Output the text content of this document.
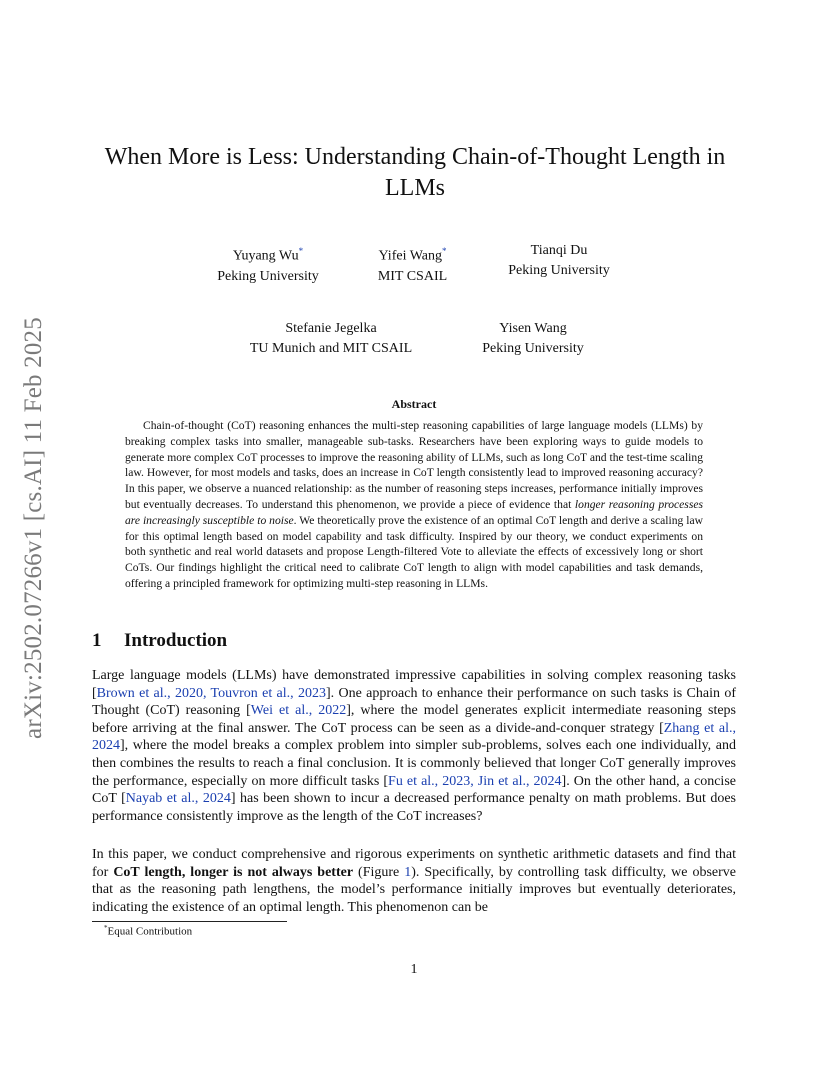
arXiv:2502.07266v1 [cs.AI] 11 Feb 2025
When More is Less: Understanding Chain-of-Thought Length in LLMs
Yuyang Wu*
Peking University
Yifei Wang*
MIT CSAIL
Tianqi Du
Peking University
Stefanie Jegelka
TU Munich and MIT CSAIL
Yisen Wang
Peking University
Abstract
Chain-of-thought (CoT) reasoning enhances the multi-step reasoning capabilities of large language models (LLMs) by breaking complex tasks into smaller, manageable sub-tasks. Researchers have been exploring ways to guide models to generate more complex CoT processes to improve the reasoning ability of LLMs, such as long CoT and the test-time scaling law. However, for most models and tasks, does an increase in CoT length consistently lead to improved reasoning accuracy? In this paper, we observe a nuanced relationship: as the number of reasoning steps increases, performance initially improves but eventually decreases. To understand this phenomenon, we provide a piece of evidence that longer reasoning processes are increasingly susceptible to noise. We theoretically prove the existence of an optimal CoT length and derive a scaling law for this optimal length based on model capability and task difficulty. Inspired by our theory, we conduct experiments on both synthetic and real world datasets and propose Length-filtered Vote to alleviate the effects of excessively long or short CoTs. Our findings highlight the critical need to calibrate CoT length to align with model capabilities and task demands, offering a principled framework for optimizing multi-step reasoning in LLMs.
1 Introduction
Large language models (LLMs) have demonstrated impressive capabilities in solving complex reasoning tasks [Brown et al., 2020, Touvron et al., 2023]. One approach to enhance their performance on such tasks is Chain of Thought (CoT) reasoning [Wei et al., 2022], where the model generates explicit intermediate reasoning steps before arriving at the final answer. The CoT process can be seen as a divide-and-conquer strategy [Zhang et al., 2024], where the model breaks a complex problem into simpler sub-problems, solves each one individually, and then combines the results to reach a final conclusion. It is commonly believed that longer CoT generally improves the performance, especially on more difficult tasks [Fu et al., 2023, Jin et al., 2024]. On the other hand, a concise CoT [Nayab et al., 2024] has been shown to incur a decreased performance penalty on math problems. But does performance consistently improve as the length of the CoT increases?
In this paper, we conduct comprehensive and rigorous experiments on synthetic arithmetic datasets and find that for CoT length, longer is not always better (Figure 1). Specifically, by controlling task difficulty, we observe that as the reasoning path lengthens, the model’s performance initially improves but eventually deteriorates, indicating the existence of an optimal length. This phenomenon can be
*Equal Contribution
1
